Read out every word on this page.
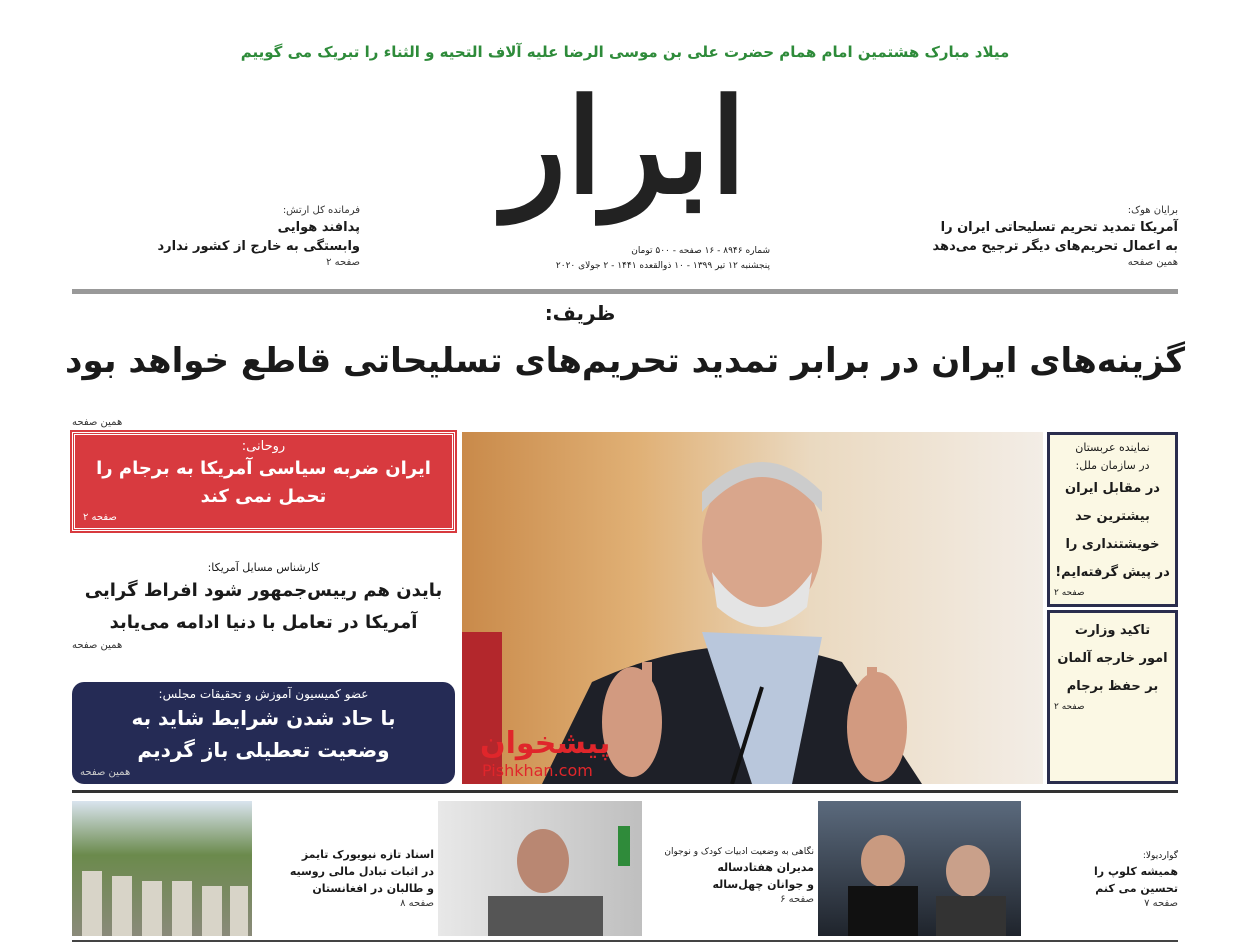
میلاد مبارک هشتمین امام همام حضرت علی بن موسی الرضا علیه آلاف التحیه و الثناء را تبریک می گوییم
ابرار
شماره ۸۹۴۶ - ۱۶ صفحه - ۵۰۰ تومان
پنجشنبه ۱۲ تیر ۱۳۹۹ - ۱۰ ذوالقعده ۱۴۴۱ - ۲ جولای ۲۰۲۰
برایان هوک:
آمریکا تمدید تحریم تسلیحاتی ایران را
به اعمال تحریم‌های دیگر ترجیح می‌دهد
همین صفحه
فرمانده کل ارتش:
پدافند هوایی
وابستگی به خارج از کشور ندارد
صفحه ۲
ظریف:
گزینه‌های ایران در برابر تمدید تحریم‌های تسلیحاتی قاطع خواهد بود
همین صفحه
روحانی:
ایران ضربه سیاسی آمریکا به برجام را
تحمل نمی کند
صفحه ۲
کارشناس مسایل آمریکا:
بایدن هم رییس‌جمهور شود افراط گرایی
آمریکا در تعامل با دنیا ادامه می‌یابد
همین صفحه
عضو کمیسیون آموزش و تحقیقات مجلس:
با حاد شدن شرایط شاید به
وضعیت تعطیلی باز گردیم
همین صفحه
پیشخوان
Pishkhan.com
نماینده عربستان
در سازمان ملل:
در مقابل ایران
بیشترین حد
خویشتنداری را
در پیش گرفته‌ایم!
صفحه ۲
تاکید وزارت
امور خارجه آلمان
بر حفظ برجام
صفحه ۲
گواردیولا:
همیشه کلوپ را
تحسین می کنم
صفحه ۷
نگاهی به وضعیت ادبیات کودک و نوجوان
مدیران هفتادساله
و جوانان چهل‌ساله
صفحه ۶
اسناد تازه نیویورک تایمز
در اثبات تبادل مالی روسیه
و طالبان در افغانستان
صفحه ۸
